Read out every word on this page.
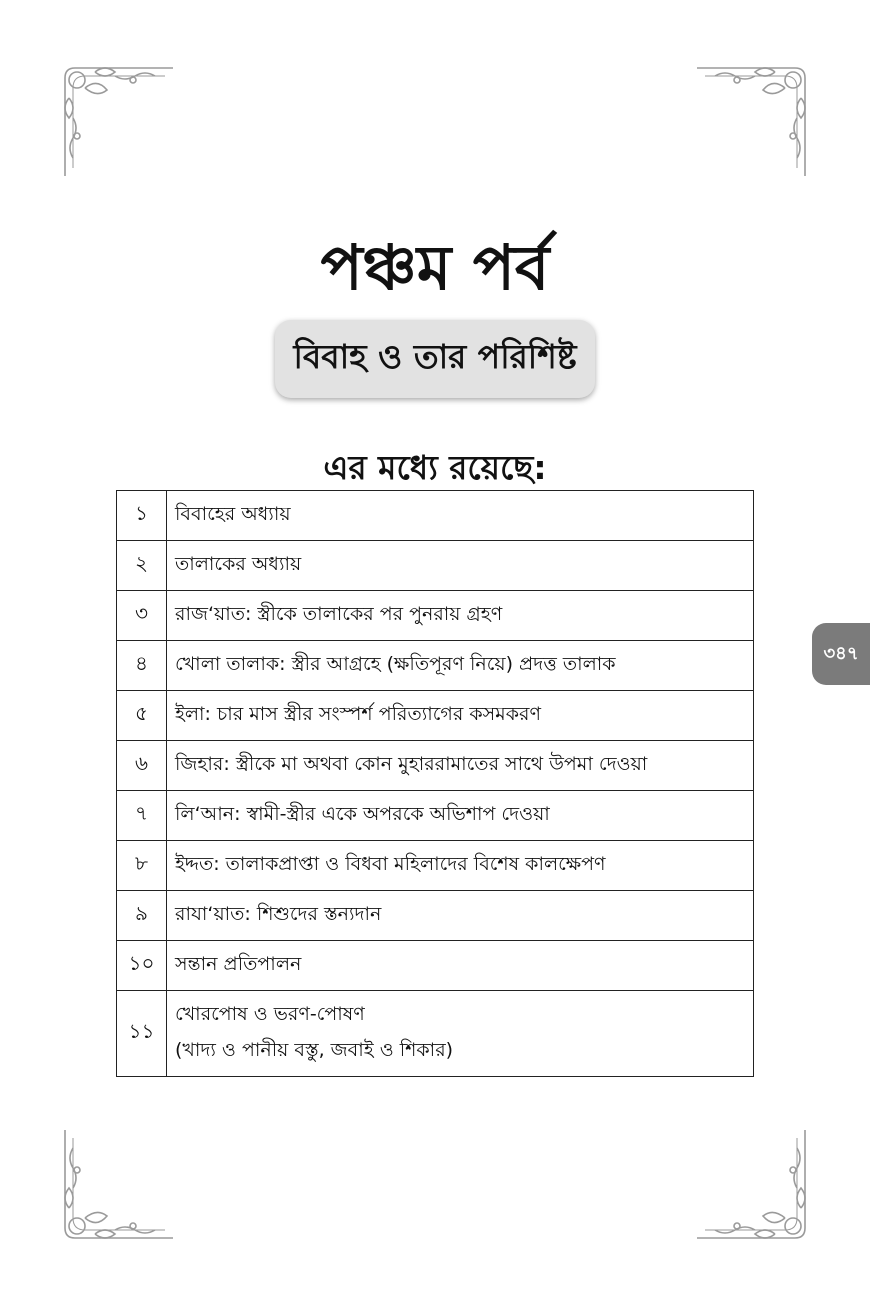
পঞ্চম পর্ব
বিবাহ ও তার পরিশিষ্ট
এর মধ্যে রয়েছে:
১	বিবাহের অধ্যায়
২	তালাকের অধ্যায়
৩	রাজ‘য়াত: স্ত্রীকে তালাকের পর পুনরায় গ্রহণ
৪	খোলা তালাক: স্ত্রীর আগ্রহে (ক্ষতিপূরণ নিয়ে) প্রদত্ত তালাক
৫	ইলা: চার মাস স্ত্রীর সংস্পর্শ পরিত্যাগের কসমকরণ
৬	জিহার: স্ত্রীকে মা অথবা কোন মুহাররামাতের সাথে উপমা দেওয়া
৭	লি‘আন: স্বামী-স্ত্রীর একে অপরকে অভিশাপ দেওয়া
৮	ইদ্দত: তালাকপ্রাপ্তা ও বিধবা মহিলাদের বিশেষ কালক্ষেপণ
৯	রাযা‘য়াত: শিশুদের স্তন্যদান
১০	সন্তান প্রতিপালন
১১	খোরপোষ ও ভরণ-পোষণ
(খাদ্য ও পানীয় বস্তু, জবাই ও শিকার)
৩৪৭
